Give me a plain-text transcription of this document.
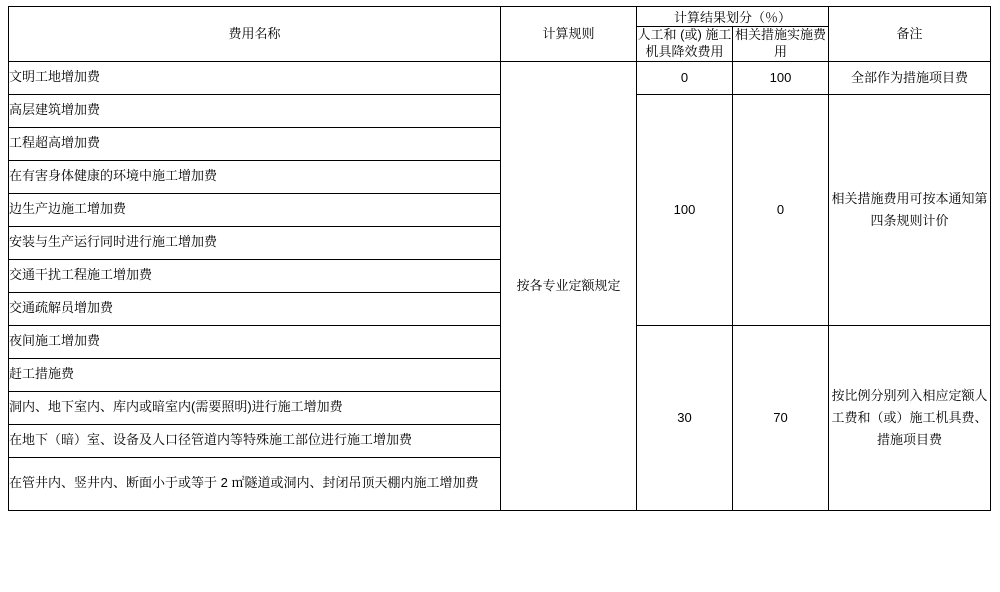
费用名称	计算规则	计算结果划分（％）		备注
		人工和 (或) 施工机具降效费用	相关措施实施费用	
文明工地增加费	按各专业定额规定	0	100	全部作为措施项目费
高层建筑增加费		100	0	相关措施费用可按本通知第四条规则计价
工程超高增加费				
在有害身体健康的环境中施工增加费				
边生产边施工增加费				
安装与生产运行同时进行施工增加费				
交通干扰工程施工增加费				
交通疏解员增加费				
夜间施工增加费		30	70	按比例分别列入相应定额人工费和（或）施工机具费、措施项目费
赶工措施费				
洞内、地下室内、库内或暗室内(需要照明)进行施工增加费				
在地下（暗）室、设备及人口径管道内等特殊施工部位进行施工增加费				
在管井内、竖井内、断面小于或等于 2 ㎡隧道或洞内、封闭吊顶天棚内施工增加费				
